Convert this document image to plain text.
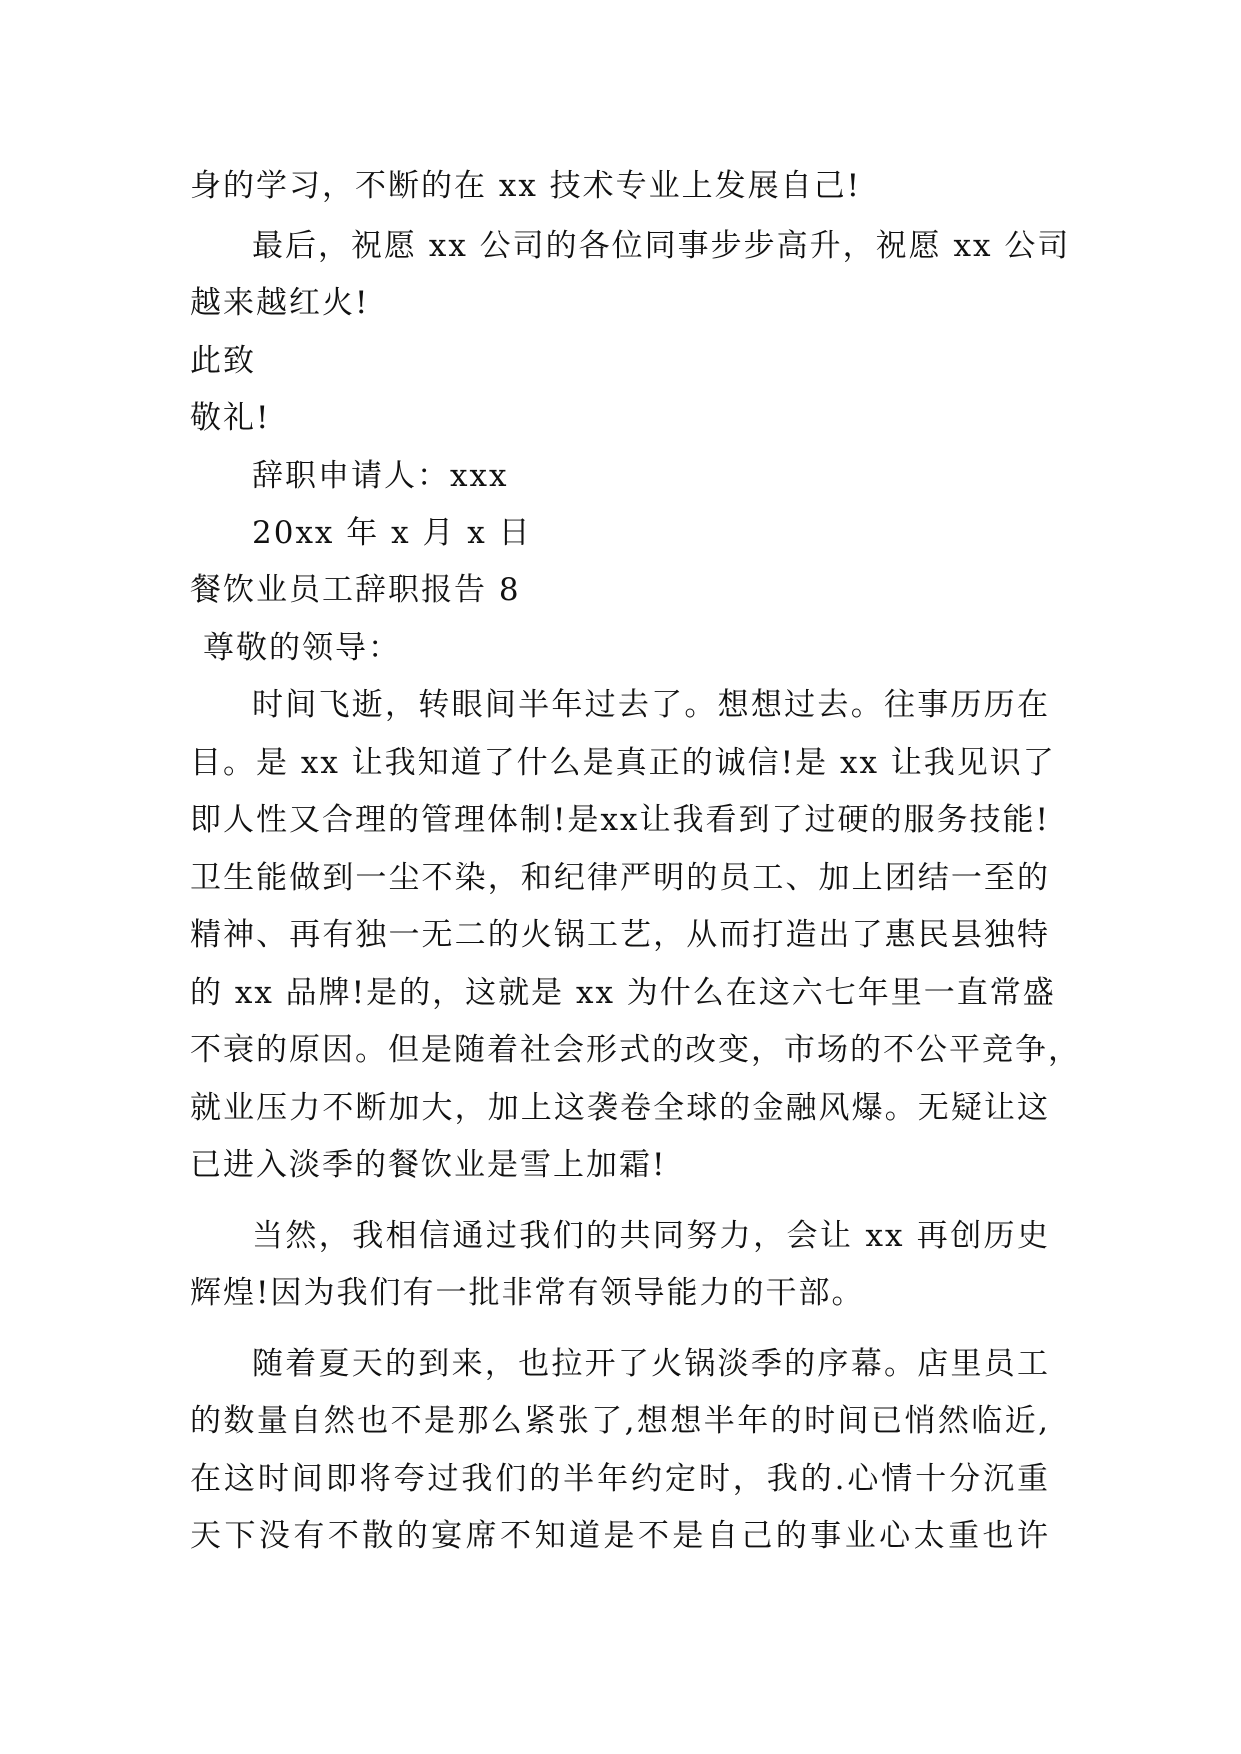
身的学习，不断的在 xx 技术专业上发展自己!
最后，祝愿 xx 公司的各位同事步步高升，祝愿 xx 公司
越来越红火!
此致
敬礼!
辞职申请人：xxx
20xx 年 x 月 x 日
餐饮业员工辞职报告 8
尊敬的领导：
时间飞逝，转眼间半年过去了。想想过去。往事历历在
目。是 xx 让我知道了什么是真正的诚信!是 xx 让我见识了
即人性又合理的管理体制!是xx让我看到了过硬的服务技能!
卫生能做到一尘不染，和纪律严明的员工、加上团结一至的
精神、再有独一无二的火锅工艺，从而打造出了惠民县独特
的 xx 品牌!是的，这就是 xx 为什么在这六七年里一直常盛
不衰的原因。但是随着社会形式的改变，市场的不公平竞争，
就业压力不断加大，加上这袭卷全球的金融风爆。无疑让这
已进入淡季的餐饮业是雪上加霜!
当然，我相信通过我们的共同努力，会让 xx 再创历史
辉煌!因为我们有一批非常有领导能力的干部。
随着夏天的到来，也拉开了火锅淡季的序幕。店里员工
的数量自然也不是那么紧张了,想想半年的时间已悄然临近,
在这时间即将夸过我们的半年约定时，我的.心情十分沉重
天下没有不散的宴席不知道是不是自己的事业心太重也许
